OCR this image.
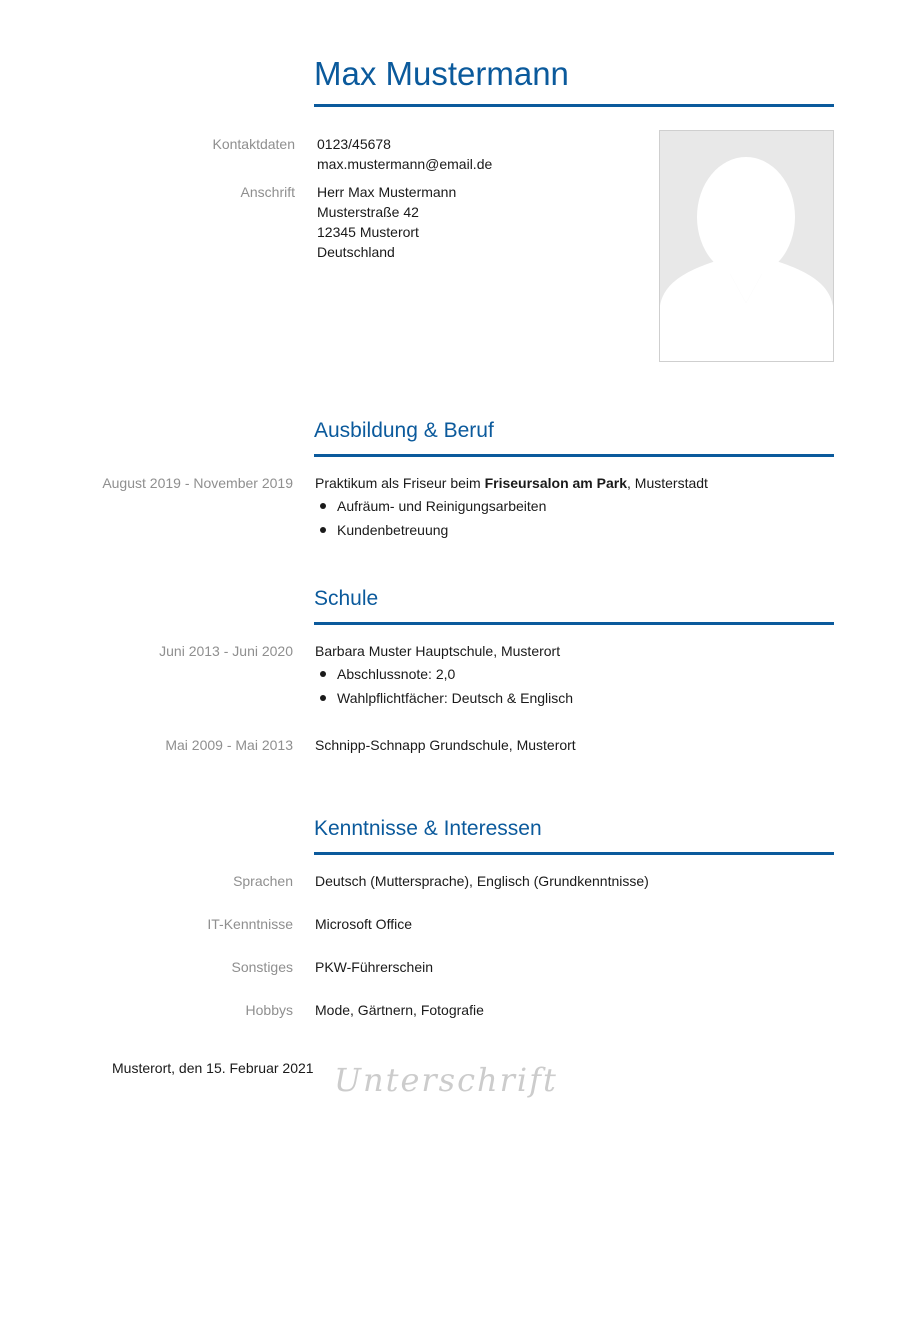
Max Mustermann
Kontaktdaten 0123/45678
max.mustermann@email.de
Anschrift Herr Max Mustermann
Musterstraße 42
12345 Musterort
Deutschland
Ausbildung & Beruf
August 2019 - November 2019 Praktikum als Friseur beim Friseursalon am Park, Musterstadt
Aufräum- und Reinigungsarbeiten
Kundenbetreuung
Schule
Juni 2013 - Juni 2020 Barbara Muster Hauptschule, Musterort
Abschlussnote: 2,0
Wahlpflichtfächer: Deutsch & Englisch
Mai 2009 - Mai 2013 Schnipp-Schnapp Grundschule, Musterort
Kenntnisse & Interessen
Sprachen Deutsch (Muttersprache), Englisch (Grundkenntnisse)
IT-Kenntnisse Microsoft Office
Sonstiges PKW-Führerschein
Hobbys Mode, Gärtnern, Fotografie
Musterort, den 15. Februar 2021 Unterschrift
